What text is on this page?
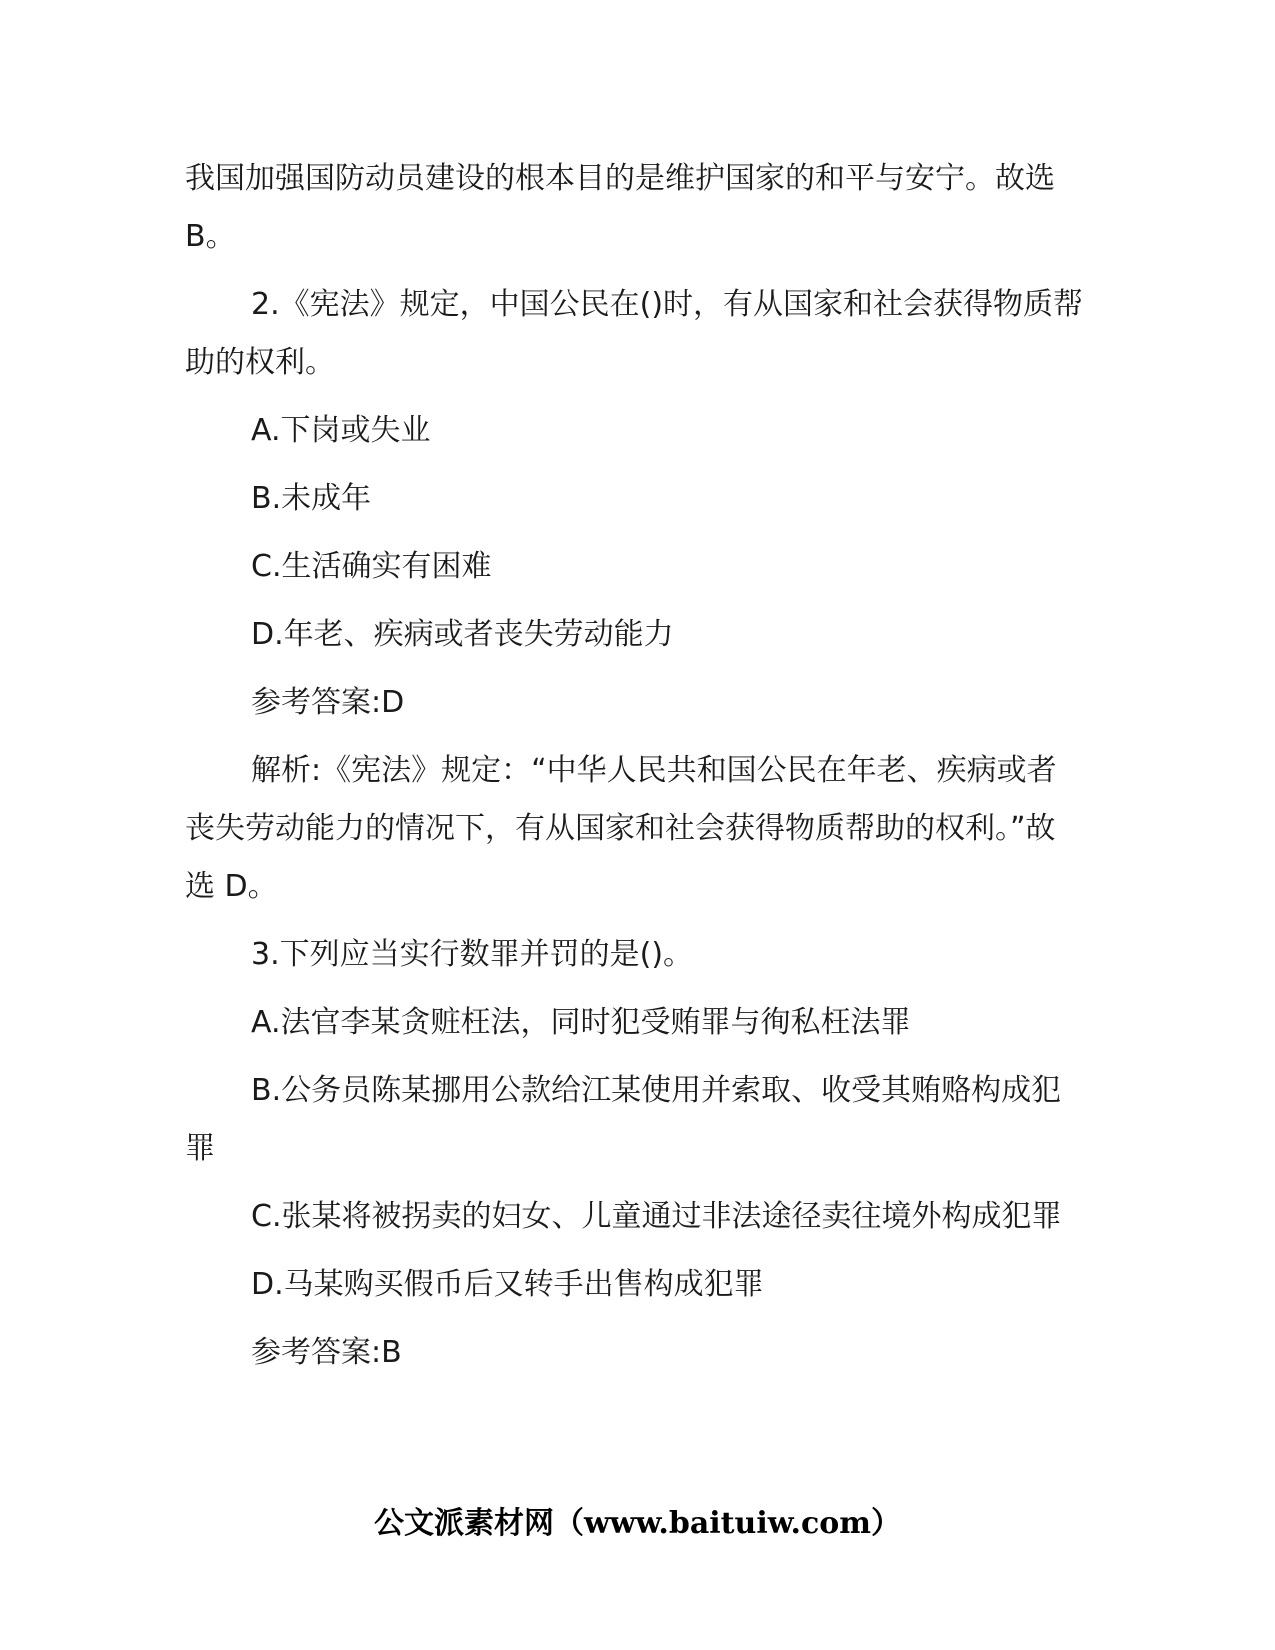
我国加强国防动员建设的根本目的是维护国家的和平与安宁。故选 B。

2.《宪法》规定，中国公民在()时，有从国家和社会获得物质帮助的权利。

A.下岗或失业

B.未成年

C.生活确实有困难

D.年老、疾病或者丧失劳动能力

参考答案:D

解析:《宪法》规定：“中华人民共和国公民在年老、疾病或者丧失劳动能力的情况下，有从国家和社会获得物质帮助的权利。”故选 D。

3.下列应当实行数罪并罚的是()。

A.法官李某贪赃枉法，同时犯受贿罪与徇私枉法罪

B.公务员陈某挪用公款给江某使用并索取、收受其贿赂构成犯罪

C.张某将被拐卖的妇女、儿童通过非法途径卖往境外构成犯罪

D.马某购买假币后又转手出售构成犯罪

参考答案:B

公文派素材网（www.baituiw.com）
